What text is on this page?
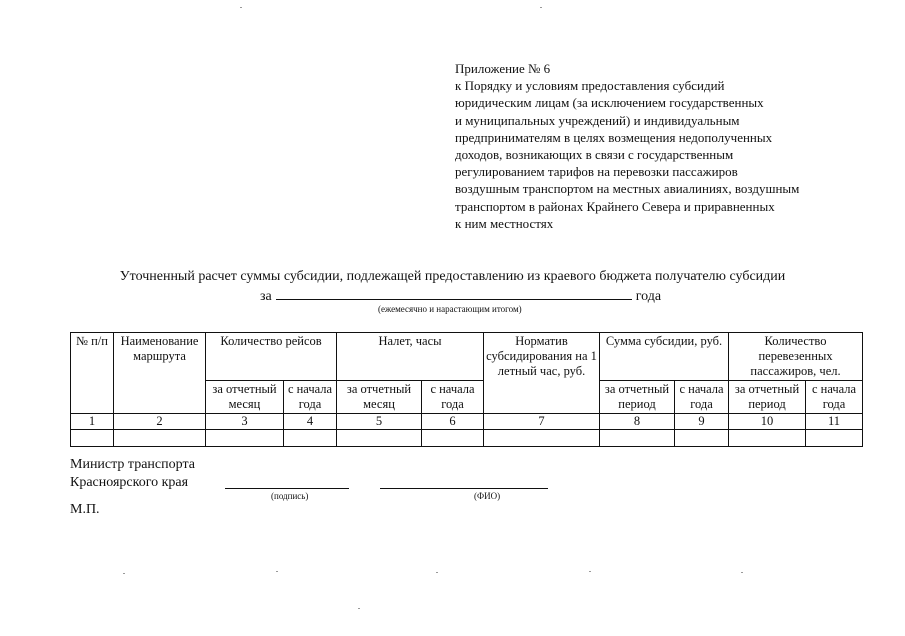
Приложение № 6
к Порядку и условиям предоставления субсидий
юридическим лицам (за исключением государственных
и муниципальных учреждений) и индивидуальным
предпринимателям в целях возмещения недополученных
доходов, возникающих в связи с государственным
регулированием тарифов на перевозки пассажиров
воздушным транспортом на местных авиалиниях, воздушным
транспортом в районах Крайнего Севера и приравненных
к ним местностях
Уточненный расчет суммы субсидии, подлежащей предоставлению из краевого бюджета получателю субсидии
за	года
(ежемесячно и нарастающим итогом)
№ п/п	Наименование маршрута	Количество рейсов		Налет, часы		Норматив субсидирования на 1 летный час, руб.	Сумма субсидии, руб.		Количество перевезенных пассажиров, чел.	
		за отчетный месяц	с начала года	за отчетный месяц	с начала года		за отчетный период	с начала года	за отчетный период	с начала года
1	2	3	4	5	6	7	8	9	10	11

Министр транспорта
Красноярского края
(подпись)	(ФИО)
М.П.
